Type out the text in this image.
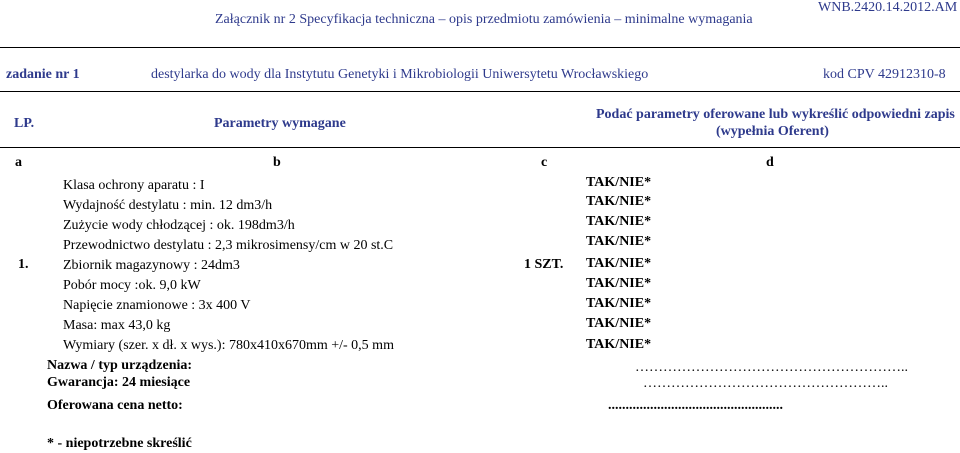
Załącznik nr 2 Specyfikacja techniczna – opis przedmiotu zamówienia – minimalne wymagania
WNB.2420.14.2012.AM
zadanie nr 1	destylarka do wody dla Instytutu Genetyki i Mikrobiologii Uniwersytetu Wrocławskiego	kod CPV 42912310-8
LP.	Parametry wymagane
Podać parametry oferowane lub wykreślić odpowiedni zapis
(wypełnia Oferent)
a	b	c	d
1.	1 SZT.
Klasa ochrony aparatu : I	TAK/NIE*
Wydajność destylatu : min. 12 dm3/h	TAK/NIE*
Zużycie wody chłodzącej : ok. 198dm3/h	TAK/NIE*
Przewodnictwo destylatu : 2,3 mikrosimensy/cm w 20 st.C	TAK/NIE*
Zbiornik magazynowy : 24dm3	TAK/NIE*
Pobór mocy :ok. 9,0 kW	TAK/NIE*
Napięcie znamionowe : 3x 400 V	TAK/NIE*
Masa: max 43,0 kg	TAK/NIE*
Wymiary (szer. x dł. x wys.): 780x410x670mm +/- 0,5 mm	TAK/NIE*
Nazwa / typ urządzenia:	…………………………………………………..
Gwarancja: 24 miesiące	……………………………………………..
Oferowana cena netto:	..................................................
* - niepotrzebne skreślić
